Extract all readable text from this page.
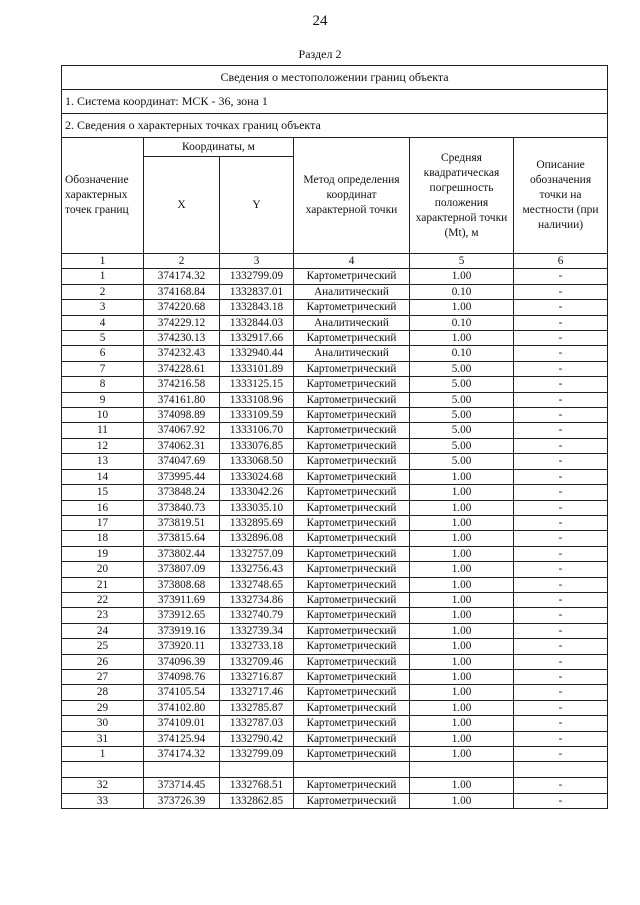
24
Раздел 2
Сведения о местоположении границ объекта					
1. Система координат: МСК - 36, зона 1					
2. Сведения о характерных точках границ объекта					
Обозначение характерных точек границ	Координаты, м		Метод определения координат характерной точки	Средняя квадратическая погрешность положения характерной точки (Mt), м	Описание обозначения точки на местности (при наличии)
	X	Y			
1	2	3	4	5	6
1	374174.32	1332799.09	Картометрический	1.00	-
2	374168.84	1332837.01	Аналитический	0.10	-
3	374220.68	1332843.18	Картометрический	1.00	-
4	374229.12	1332844.03	Аналитический	0.10	-
5	374230.13	1332917.66	Картометрический	1.00	-
6	374232.43	1332940.44	Аналитический	0.10	-
7	374228.61	1333101.89	Картометрический	5.00	-
8	374216.58	1333125.15	Картометрический	5.00	-
9	374161.80	1333108.96	Картометрический	5.00	-
10	374098.89	1333109.59	Картометрический	5.00	-
11	374067.92	1333106.70	Картометрический	5.00	-
12	374062.31	1333076.85	Картометрический	5.00	-
13	374047.69	1333068.50	Картометрический	5.00	-
14	373995.44	1333024.68	Картометрический	1.00	-
15	373848.24	1333042.26	Картометрический	1.00	-
16	373840.73	1333035.10	Картометрический	1.00	-
17	373819.51	1332895.69	Картометрический	1.00	-
18	373815.64	1332896.08	Картометрический	1.00	-
19	373802.44	1332757.09	Картометрический	1.00	-
20	373807.09	1332756.43	Картометрический	1.00	-
21	373808.68	1332748.65	Картометрический	1.00	-
22	373911.69	1332734.86	Картометрический	1.00	-
23	373912.65	1332740.79	Картометрический	1.00	-
24	373919.16	1332739.34	Картометрический	1.00	-
25	373920.11	1332733.18	Картометрический	1.00	-
26	374096.39	1332709.46	Картометрический	1.00	-
27	374098.76	1332716.87	Картометрический	1.00	-
28	374105.54	1332717.46	Картометрический	1.00	-
29	374102.80	1332785.87	Картометрический	1.00	-
30	374109.01	1332787.03	Картометрический	1.00	-
31	374125.94	1332790.42	Картометрический	1.00	-
1	374174.32	1332799.09	Картометрический	1.00	-

32	373714.45	1332768.51	Картометрический	1.00	-
33	373726.39	1332862.85	Картометрический	1.00	-
